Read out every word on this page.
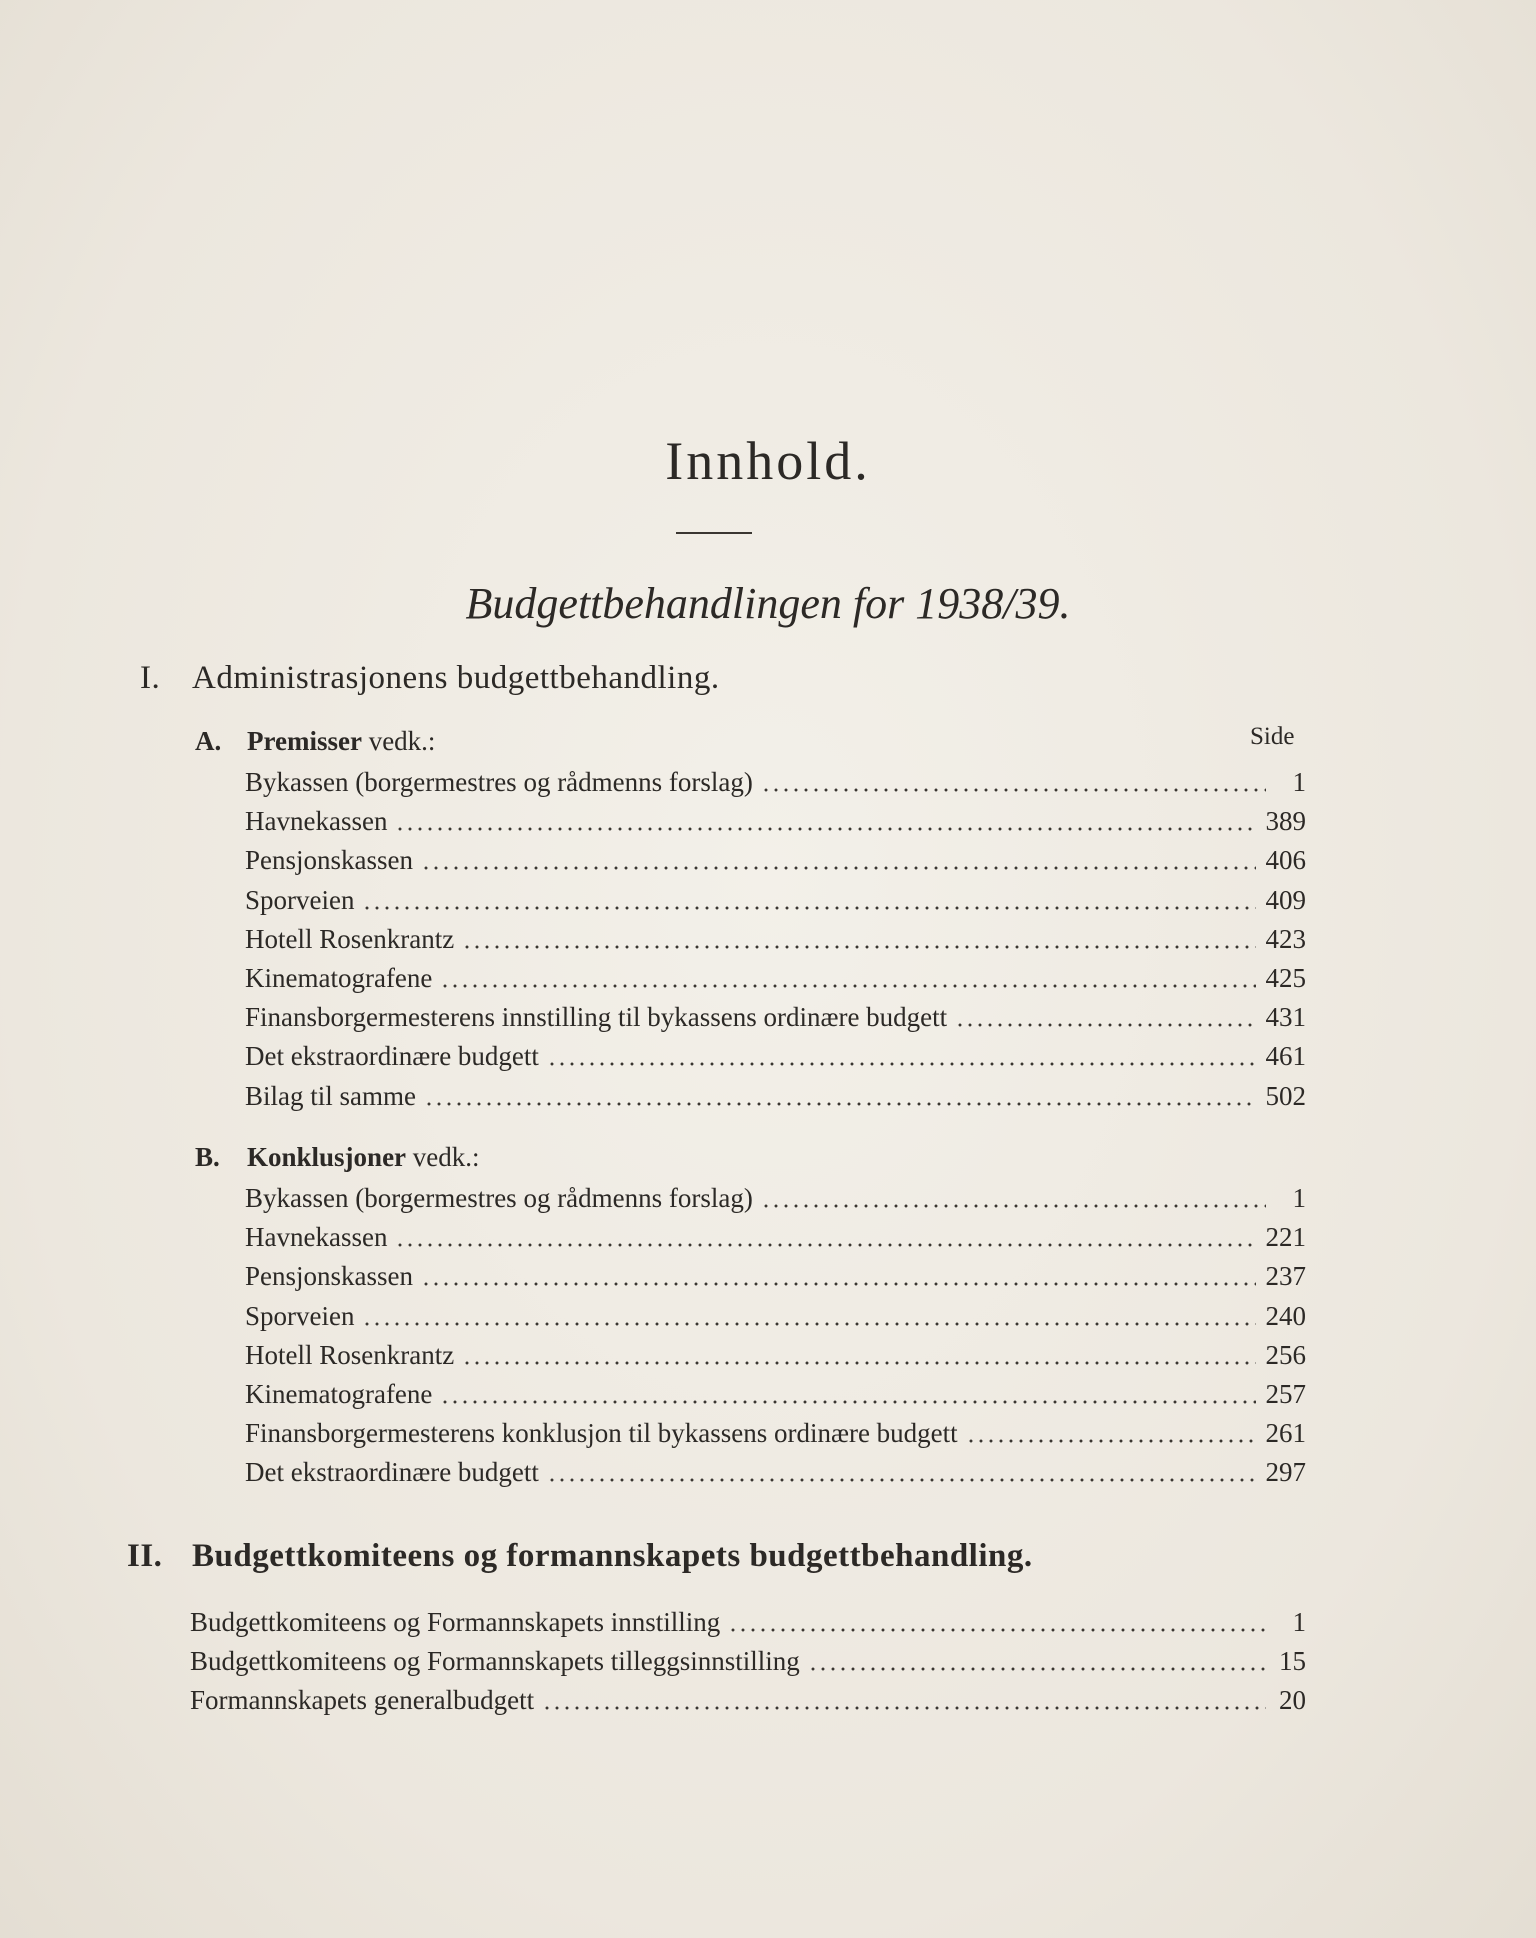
Innhold.
Budgettbehandlingen for 1938/39.
I. Administrasjonens budgettbehandling.
A. Premisser vedk.:	Side
Bykassen (borgermestres og rådmenns forslag)	1
Havnekassen	389
Pensjonskassen	406
Sporveien	409
Hotell Rosenkrantz	423
Kinematografene	425
Finansborgermesterens innstilling til bykassens ordinære budgett	431
Det ekstraordinære budgett	461
Bilag til samme	502
B. Konklusjoner vedk.:
Bykassen (borgermestres og rådmenns forslag)	1
Havnekassen	221
Pensjonskassen	237
Sporveien	240
Hotell Rosenkrantz	256
Kinematografene	257
Finansborgermesterens konklusjon til bykassens ordinære budgett	261
Det ekstraordinære budgett	297
II. Budgettkomiteens og formannskapets budgettbehandling.
Budgettkomiteens og Formannskapets innstilling	1
Budgettkomiteens og Formannskapets tilleggsinnstilling	15
Formannskapets generalbudgett	20
